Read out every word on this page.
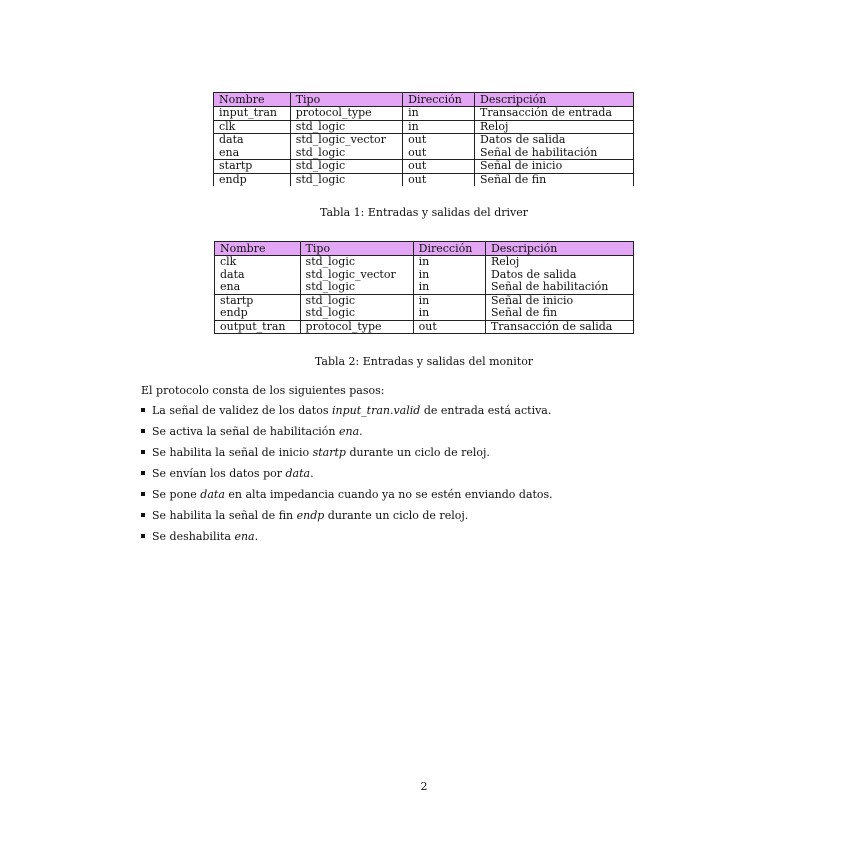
Nombre	Tipo	Dirección	Descripción
input_tran	protocol_type	in	Transacción de entrada
clk	std_logic	in	Reloj
data	std_logic_vector	out	Datos de salida
ena	std_logic	out	Señal de habilitación
startp	std_logic	out	Señal de inicio
endp	std_logic	out	Señal de fin
Tabla 1: Entradas y salidas del driver
Nombre	Tipo	Dirección	Descripción
clk	std_logic	in	Reloj
data	std_logic_vector	in	Datos de salida
ena	std_logic	in	Señal de habilitación
startp	std_logic	in	Señal de inicio
endp	std_logic	in	Señal de fin
output_tran	protocol_type	out	Transacción de salida
Tabla 2: Entradas y salidas del monitor
El protocolo consta de los siguientes pasos:
La señal de validez de los datos input_tran.valid de entrada está activa.
Se activa la señal de habilitación ena.
Se habilita la señal de inicio startp durante un ciclo de reloj.
Se envían los datos por data.
Se pone data en alta impedancia cuando ya no se estén enviando datos.
Se habilita la señal de fin endp durante un ciclo de reloj.
Se deshabilita ena.
2
